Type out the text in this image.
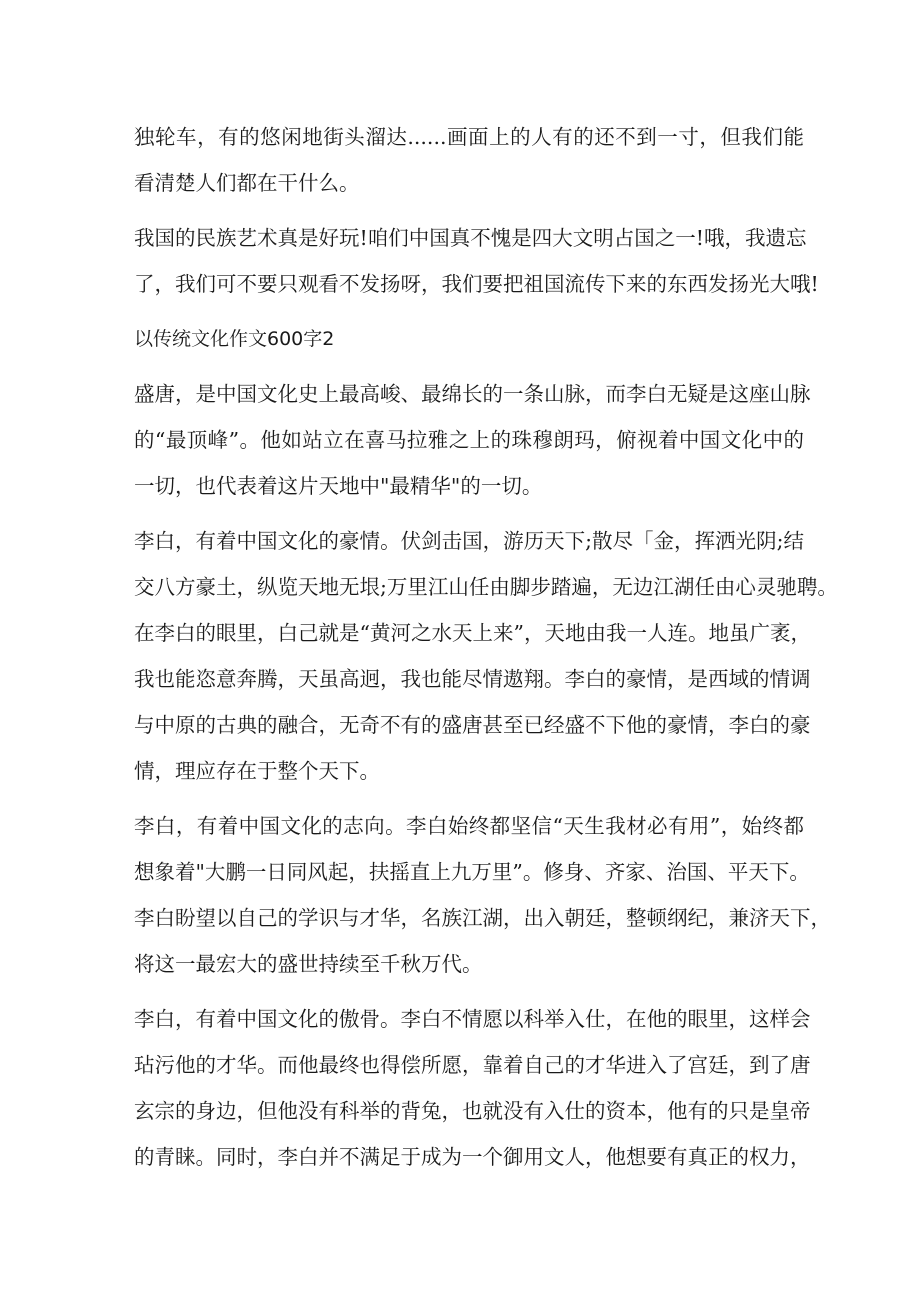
独轮车，有的悠闲地街头溜达......画面上的人有的还不到一寸，但我们能
看清楚人们都在干什么。
我国的民族艺术真是好玩!咱们中国真不愧是四大文明占国之一!哦，我遗忘
了，我们可不要只观看不发扬呀，我们要把祖国流传下来的东西发扬光大哦!
以传统文化作文600字2
盛唐，是中国文化史上最高峻、最绵长的一条山脉，而李白无疑是这座山脉
的“最顶峰”。他如站立在喜马拉雅之上的珠穆朗玛，俯视着中国文化中的
一切，也代表着这片天地中"最精华"的一切。
李白，有着中国文化的豪情。伏剑击国，游历天下;散尽「金，挥洒光阴;结
交八方豪土，纵览天地无垠;万里江山任由脚步踏遍，无边江湖任由心灵驰聘。
在李白的眼里，白己就是“黄河之水天上来”，天地由我一人连。地虽广袤，
我也能恣意奔腾，天虽高迥，我也能尽情遨翔。李白的豪情，是西域的情调
与中原的古典的融合，无奇不有的盛唐甚至已经盛不下他的豪情，李白的豪
情，理应存在于整个天下。
李白，有着中国文化的志向。李白始终都坚信“天生我材必有用”，始终都
想象着"大鹏一日同风起，扶摇直上九万里”。修身、齐家、治国、平天下。
李白盼望以自己的学识与才华，名族江湖，出入朝廷，整顿纲纪，兼济天下，
将这一最宏大的盛世持续至千秋万代。
李白，有着中国文化的傲骨。李白不情愿以科举入仕，在他的眼里，这样会
玷污他的才华。而他最终也得偿所愿，靠着自己的才华进入了宫廷，到了唐
玄宗的身边，但他没有科举的背兔，也就没有入仕的资本，他有的只是皇帝
的青睐。同时，李白并不满足于成为一个御用文人，他想要有真正的权力，
